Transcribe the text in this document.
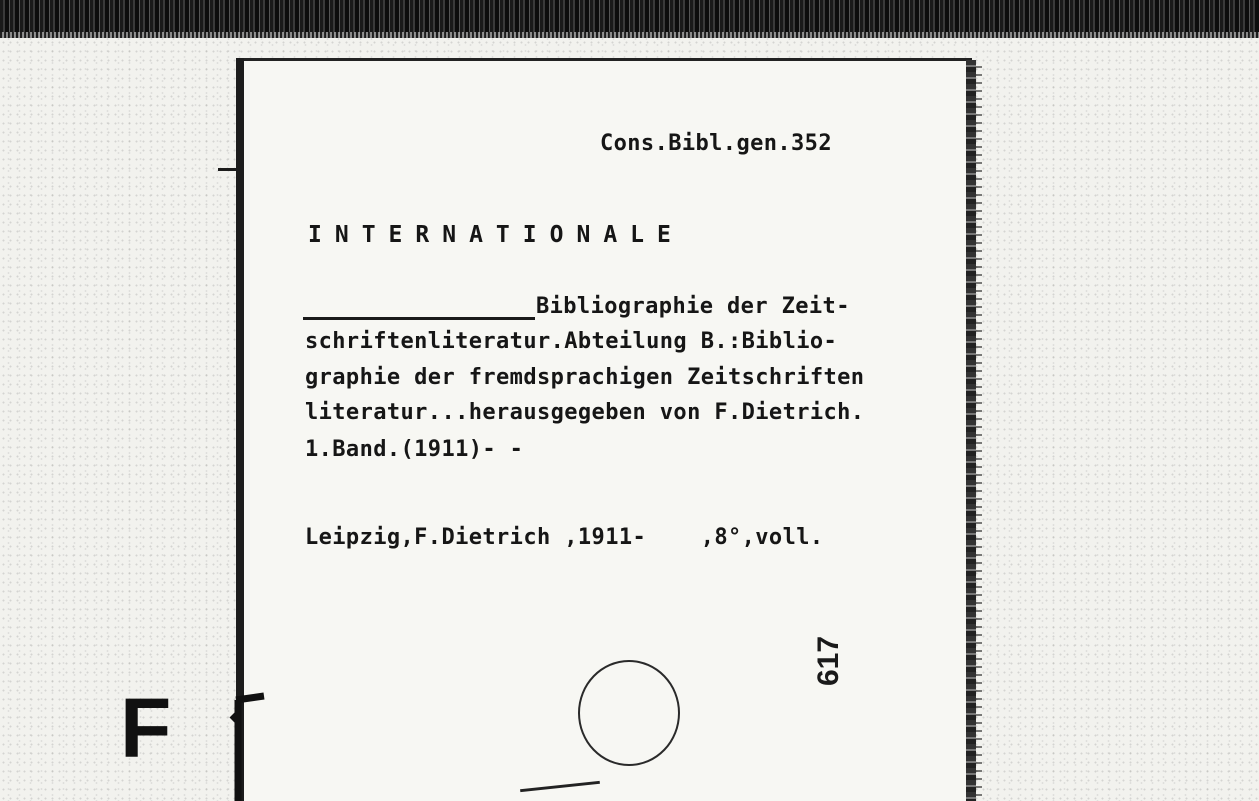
Cons.Bibl.gen.352
INTERNATIONALE
Bibliographie der Zeit-
schriftenliteratur.Abteilung B.:Biblio-
graphie der fremdsprachigen Zeitschriften
literatur...herausgegeben von F.Dietrich.
1.Band.(1911)- -
Leipzig,F.Dietrich ,1911-    ,8°,voll.
617
F
